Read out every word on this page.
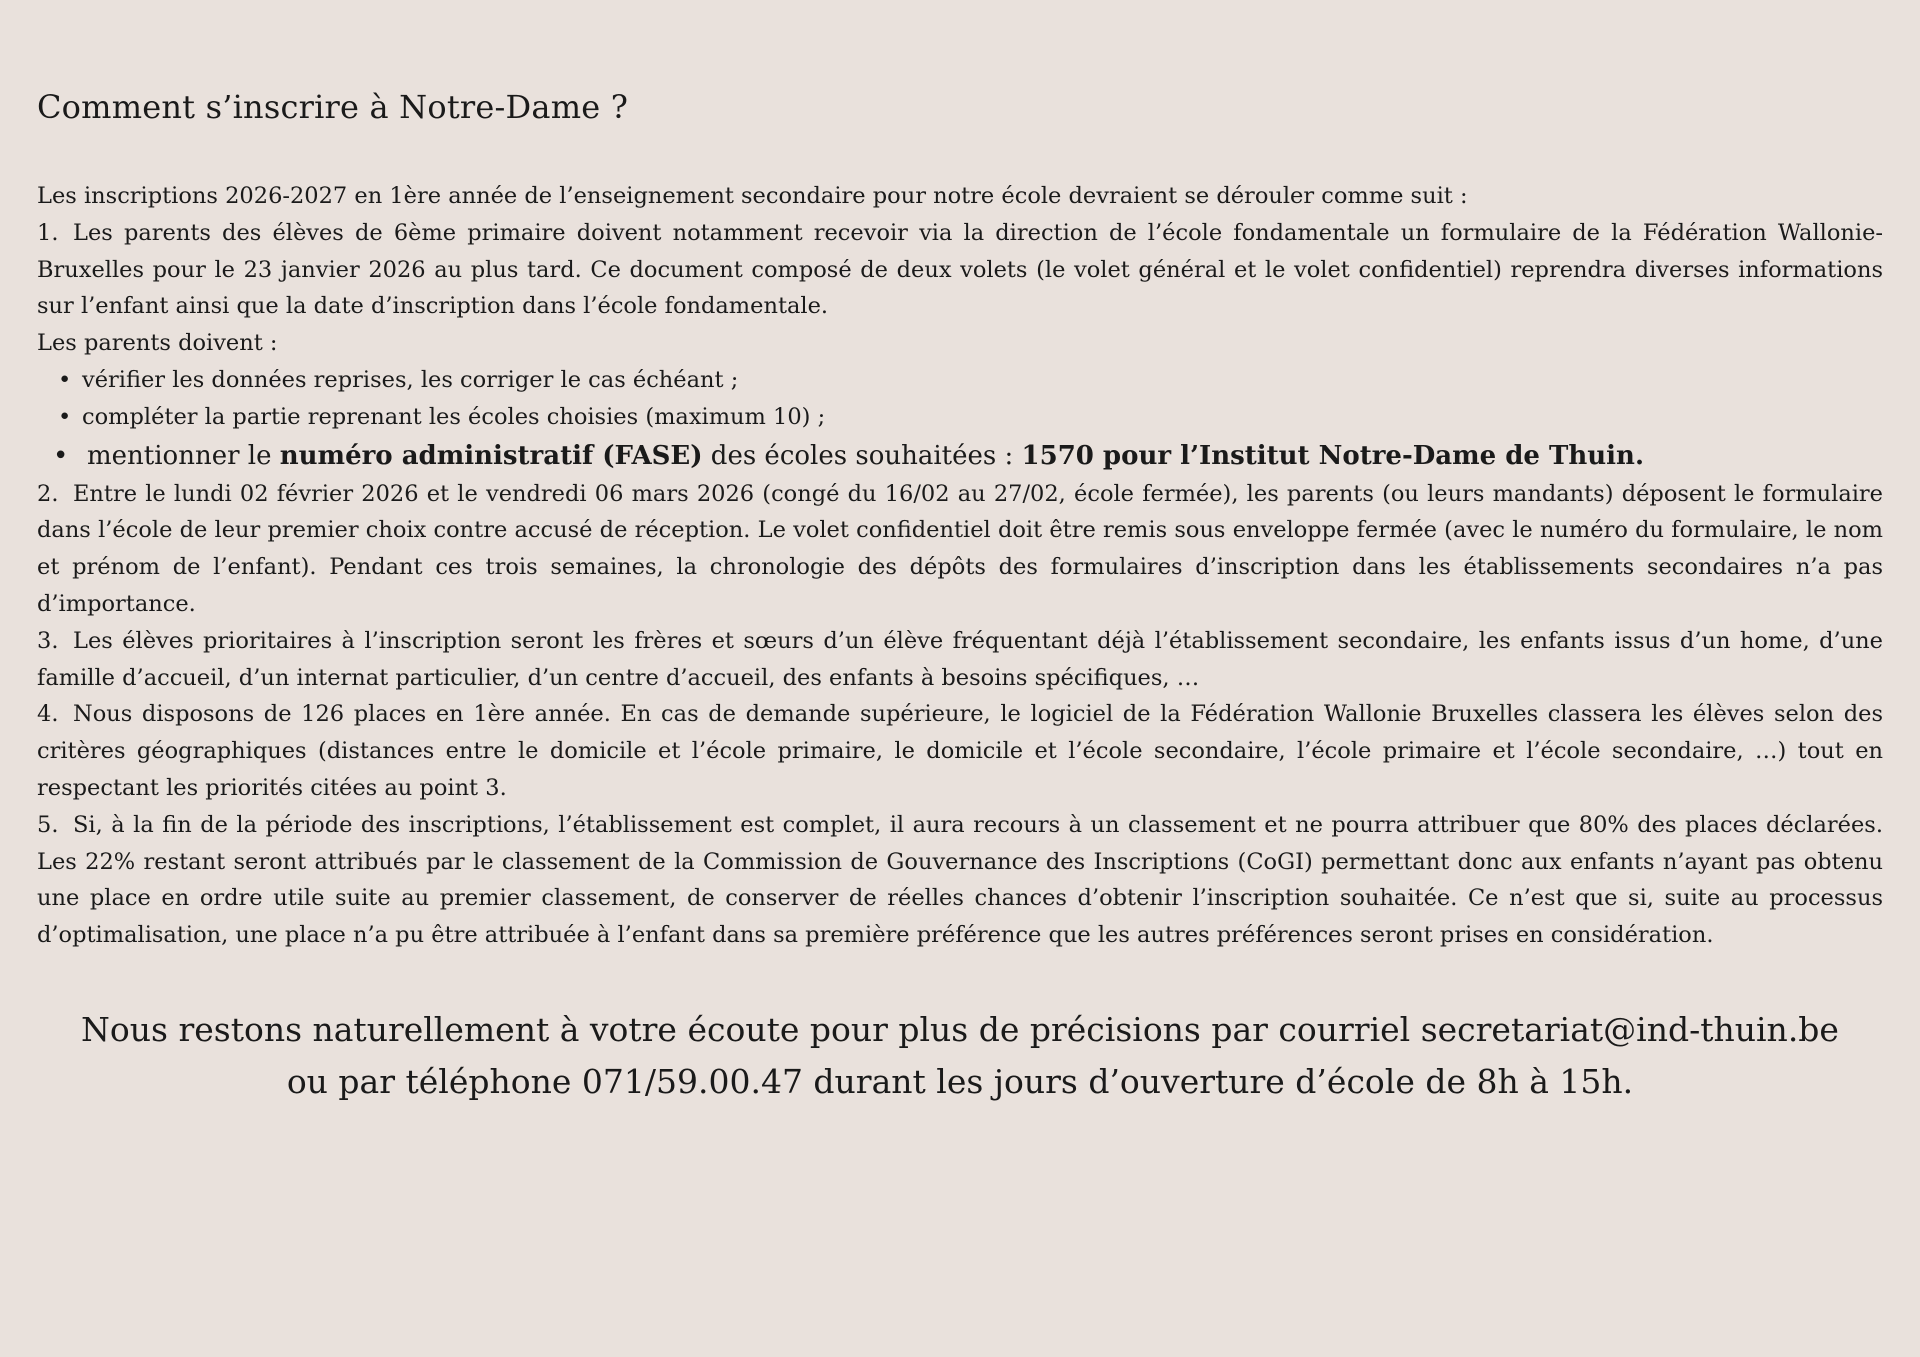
Comment s’inscrire à Notre-Dame ?

Les inscriptions 2026-2027 en 1ère année de l’enseignement secondaire pour notre école devraient se dérouler comme suit :

1. Les parents des élèves de 6ème primaire doivent notamment recevoir via la direction de l’école fondamentale un formulaire de la Fédération Wallonie-Bruxelles pour le 23 janvier 2026 au plus tard. Ce document composé de deux volets (le volet général et le volet confidentiel) reprendra diverses informations sur l’enfant ainsi que la date d’inscription dans l’école fondamentale.

Les parents doivent :

• vérifier les données reprises, les corriger le cas échéant ;
• compléter la partie reprenant les écoles choisies (maximum 10) ;
• mentionner le numéro administratif (FASE) des écoles souhaitées : 1570 pour l’Institut Notre-Dame de Thuin.

2. Entre le lundi 02 février 2026 et le vendredi 06 mars 2026 (congé du 16/02 au 27/02, école fermée), les parents (ou leurs mandants) déposent le formulaire dans l’école de leur premier choix contre accusé de réception. Le volet confidentiel doit être remis sous enveloppe fermée (avec le numéro du formulaire, le nom et prénom de l’enfant). Pendant ces trois semaines, la chronologie des dépôts des formulaires d’inscription dans les établissements secondaires n’a pas d’importance.

3. Les élèves prioritaires à l’inscription seront les frères et sœurs d’un élève fréquentant déjà l’établissement secondaire, les enfants issus d’un home, d’une famille d’accueil, d’un internat particulier, d’un centre d’accueil, des enfants à besoins spécifiques, …

4. Nous disposons de 126 places en 1ère année. En cas de demande supérieure, le logiciel de la Fédération Wallonie Bruxelles classera les élèves selon des critères géographiques (distances entre le domicile et l’école primaire, le domicile et l’école secondaire, l’école primaire et l’école secondaire, …) tout en respectant les priorités citées au point 3.

5. Si, à la fin de la période des inscriptions, l’établissement est complet, il aura recours à un classement et ne pourra attribuer que 80% des places déclarées. Les 22% restant seront attribués par le classement de la Commission de Gouvernance des Inscriptions (CoGI) permettant donc aux enfants n’ayant pas obtenu une place en ordre utile suite au premier classement, de conserver de réelles chances d’obtenir l’inscription souhaitée. Ce n’est que si, suite au processus d’optimalisation, une place n’a pu être attribuée à l’enfant dans sa première préférence que les autres préférences seront prises en considération.

Nous restons naturellement à votre écoute pour plus de précisions par courriel secretariat@ind-thuin.be ou par téléphone 071/59.00.47 durant les jours d’ouverture d’école de 8h à 15h.
